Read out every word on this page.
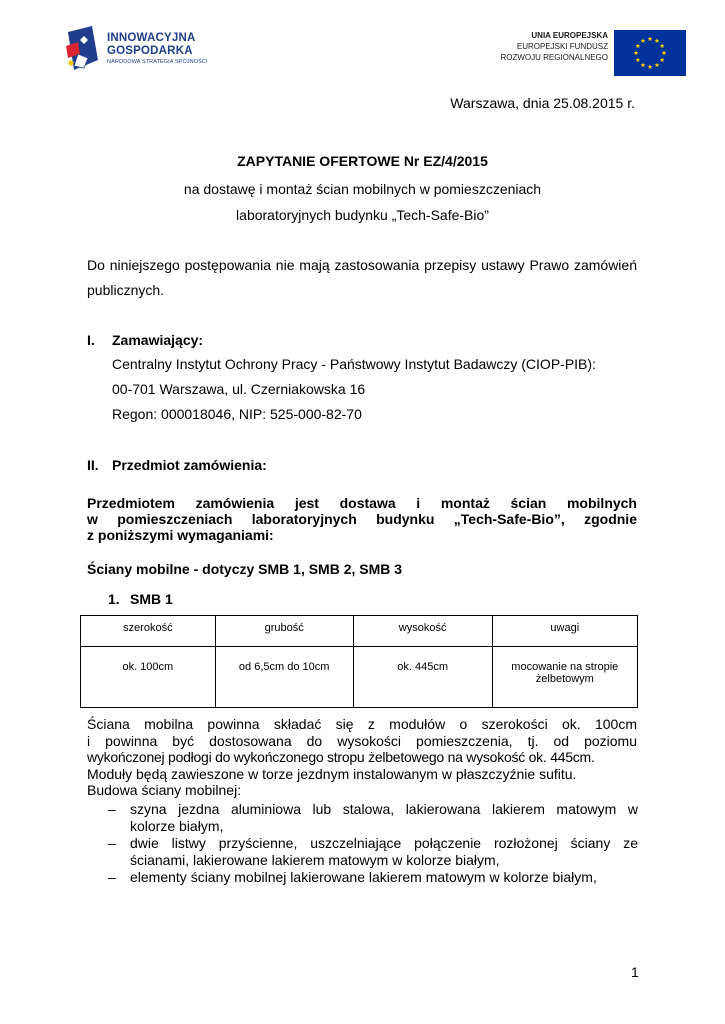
INNOWACYJNA
GOSPODARKA
NARODOWA STRATEGIA SPÓJNOŚCI
UNIA EUROPEJSKA
EUROPEJSKI FUNDUSZ
ROZWOJU REGIONALNEGO
Warszawa, dnia 25.08.2015 r.
ZAPYTANIE OFERTOWE Nr EZ/4/2015
na dostawę i montaż ścian mobilnych w pomieszczeniach
laboratoryjnych budynku „Tech-Safe-Bio”
Do niniejszego postępowania nie mają zastosowania przepisy ustawy Prawo zamówień publicznych.
I. Zamawiający:
Centralny Instytut Ochrony Pracy - Państwowy Instytut Badawczy (CIOP-PIB):
00-701 Warszawa, ul. Czerniakowska 16
Regon: 000018046, NIP: 525-000-82-70
II. Przedmiot zamówienia:
Przedmiotem zamówienia jest dostawa i montaż ścian mobilnych
w pomieszczeniach laboratoryjnych budynku „Tech-Safe-Bio”, zgodnie
z poniższymi wymaganiami:
Ściany mobilne - dotyczy SMB 1, SMB 2, SMB 3
1. SMB 1
szerokość	grubość	wysokość	uwagi
ok. 100cm	od 6,5cm do 10cm	ok. 445cm	mocowanie na stropie żelbetowym
Ściana mobilna powinna składać się z modułów o szerokości ok. 100cm
i powinna być dostosowana do wysokości pomieszczenia, tj. od poziomu
wykończonej podłogi do wykończonego stropu żelbetowego na wysokość ok. 445cm.
Moduły będą zawieszone w torze jezdnym instalowanym w płaszczyźnie sufitu.
Budowa ściany mobilnej:
– szyna jezdna aluminiowa lub stalowa, lakierowana lakierem matowym w
kolorze białym,
– dwie listwy przyścienne, uszczelniające połączenie rozłożonej ściany ze
ścianami, lakierowane lakierem matowym w kolorze białym,
– elementy ściany mobilnej lakierowane lakierem matowym w kolorze białym,
1
